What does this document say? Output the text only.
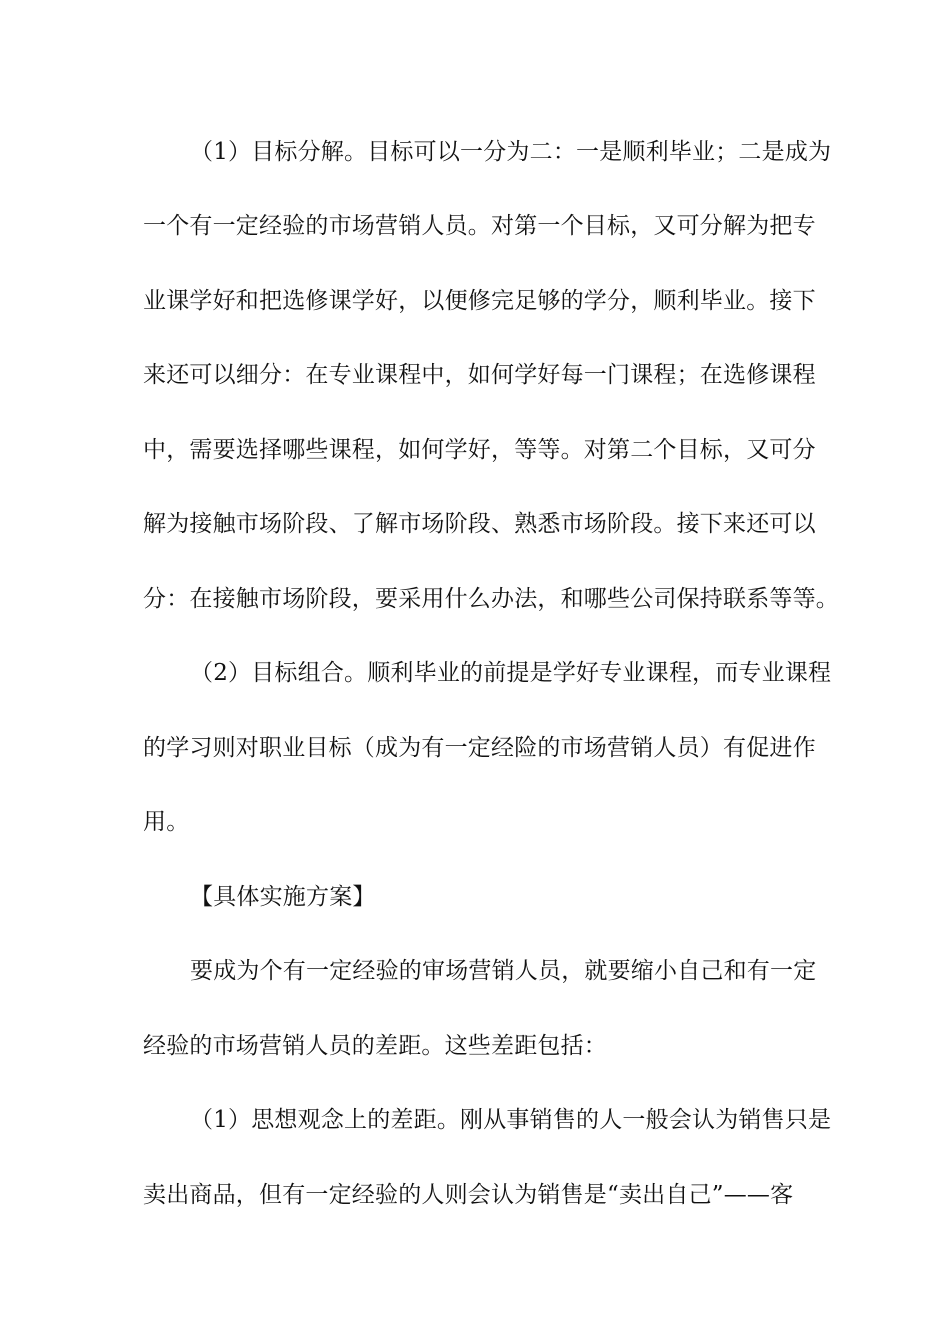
（1）目标分解。目标可以一分为二：一是顺利毕业；二是成为
一个有一定经验的市场营销人员。对第一个目标，又可分解为把专
业课学好和把选修课学好，以便修完足够的学分，顺利毕业。接下
来还可以细分：在专业课程中，如何学好每一门课程；在选修课程
中，需要选择哪些课程，如何学好，等等。对第二个目标，又可分
解为接触市场阶段、了解市场阶段、熟悉市场阶段。接下来还可以
分：在接触市场阶段，要采用什么办法，和哪些公司保持联系等等。
（2）目标组合。顺利毕业的前提是学好专业课程，而专业课程
的学习则对职业目标（成为有一定经险的市场营销人员）有促进作
用。
【具体实施方案】
要成为个有一定经验的审场营销人员，就要缩小自己和有一定
经验的市场营销人员的差距。这些差距包括：
（1）思想观念上的差距。刚从事销售的人一般会认为销售只是
卖出商品，但有一定经验的人则会认为销售是“卖出自己”——客
